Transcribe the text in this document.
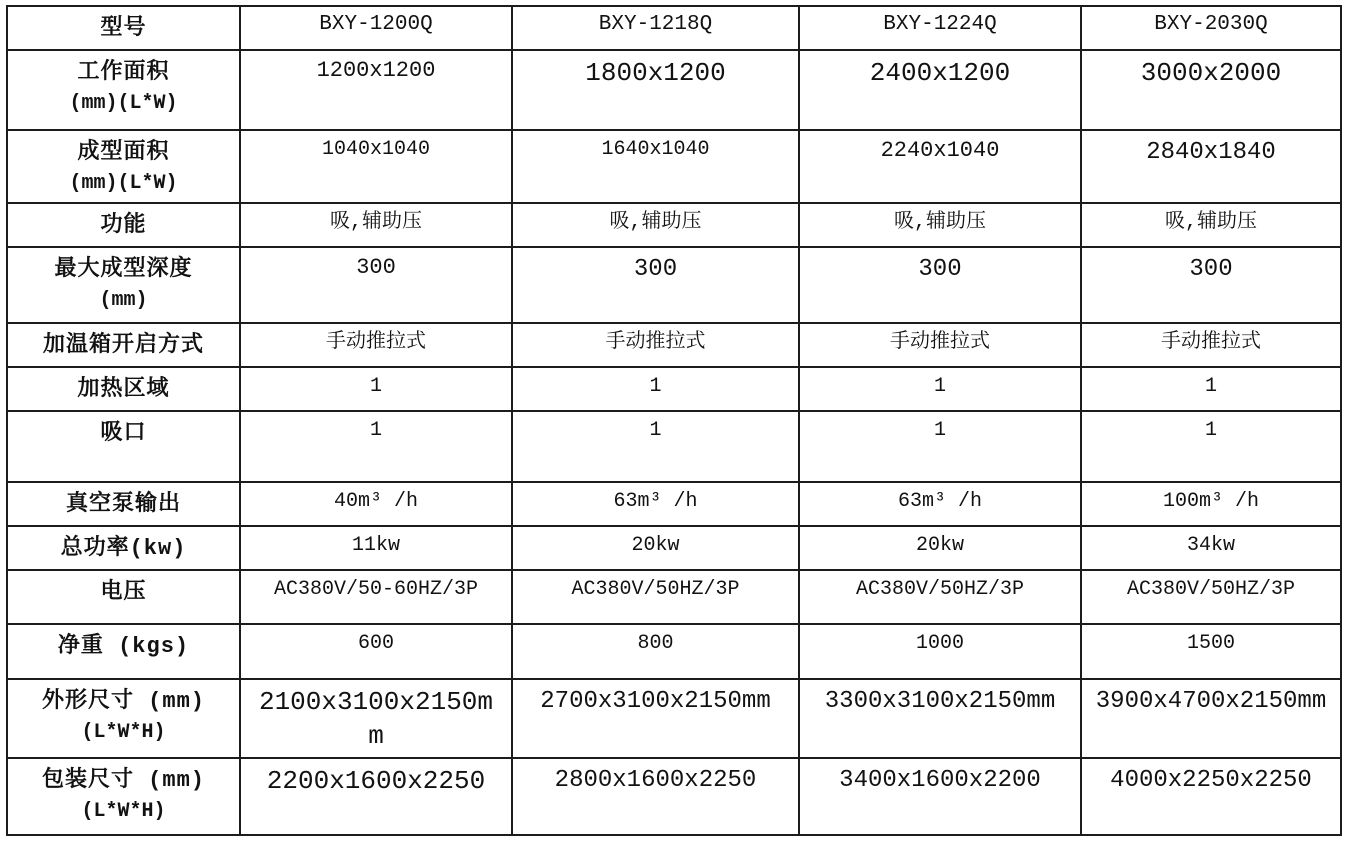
型号	BXY-1200Q	BXY-1218Q	BXY-1224Q	BXY-2030Q

工作面积
(mm)(L*W)	1200x1200	1800x1200	2400x1200	3000x2000

成型面积
(mm)(L*W)	1040x1040	1640x1040	2240x1040	2840x1840

功能	吸,辅助压	吸,辅助压	吸,辅助压	吸,辅助压

最大成型深度
(mm)	300	300	300	300

加温箱开启方式	手动推拉式	手动推拉式	手动推拉式	手动推拉式

加热区域	1	1	1	1

吸口	1	1	1	1

真空泵输出	40m³ /h	63m³ /h	63m³ /h	100m³ /h

总功率(kw)	11kw	20kw	20kw	34kw

电压	AC380V/50-60HZ/3P	AC380V/50HZ/3P	AC380V/50HZ/3P	AC380V/50HZ/3P

净重 (kgs)	600	800	1000	1500

外形尺寸 (mm)
(L*W*H)	2100x3100x2150mm	2700x3100x2150mm	3300x3100x2150mm	3900x4700x2150mm

包装尺寸 (mm)
(L*W*H)	2200x1600x2250	2800x1600x2250	3400x1600x2200	4000x2250x2250
